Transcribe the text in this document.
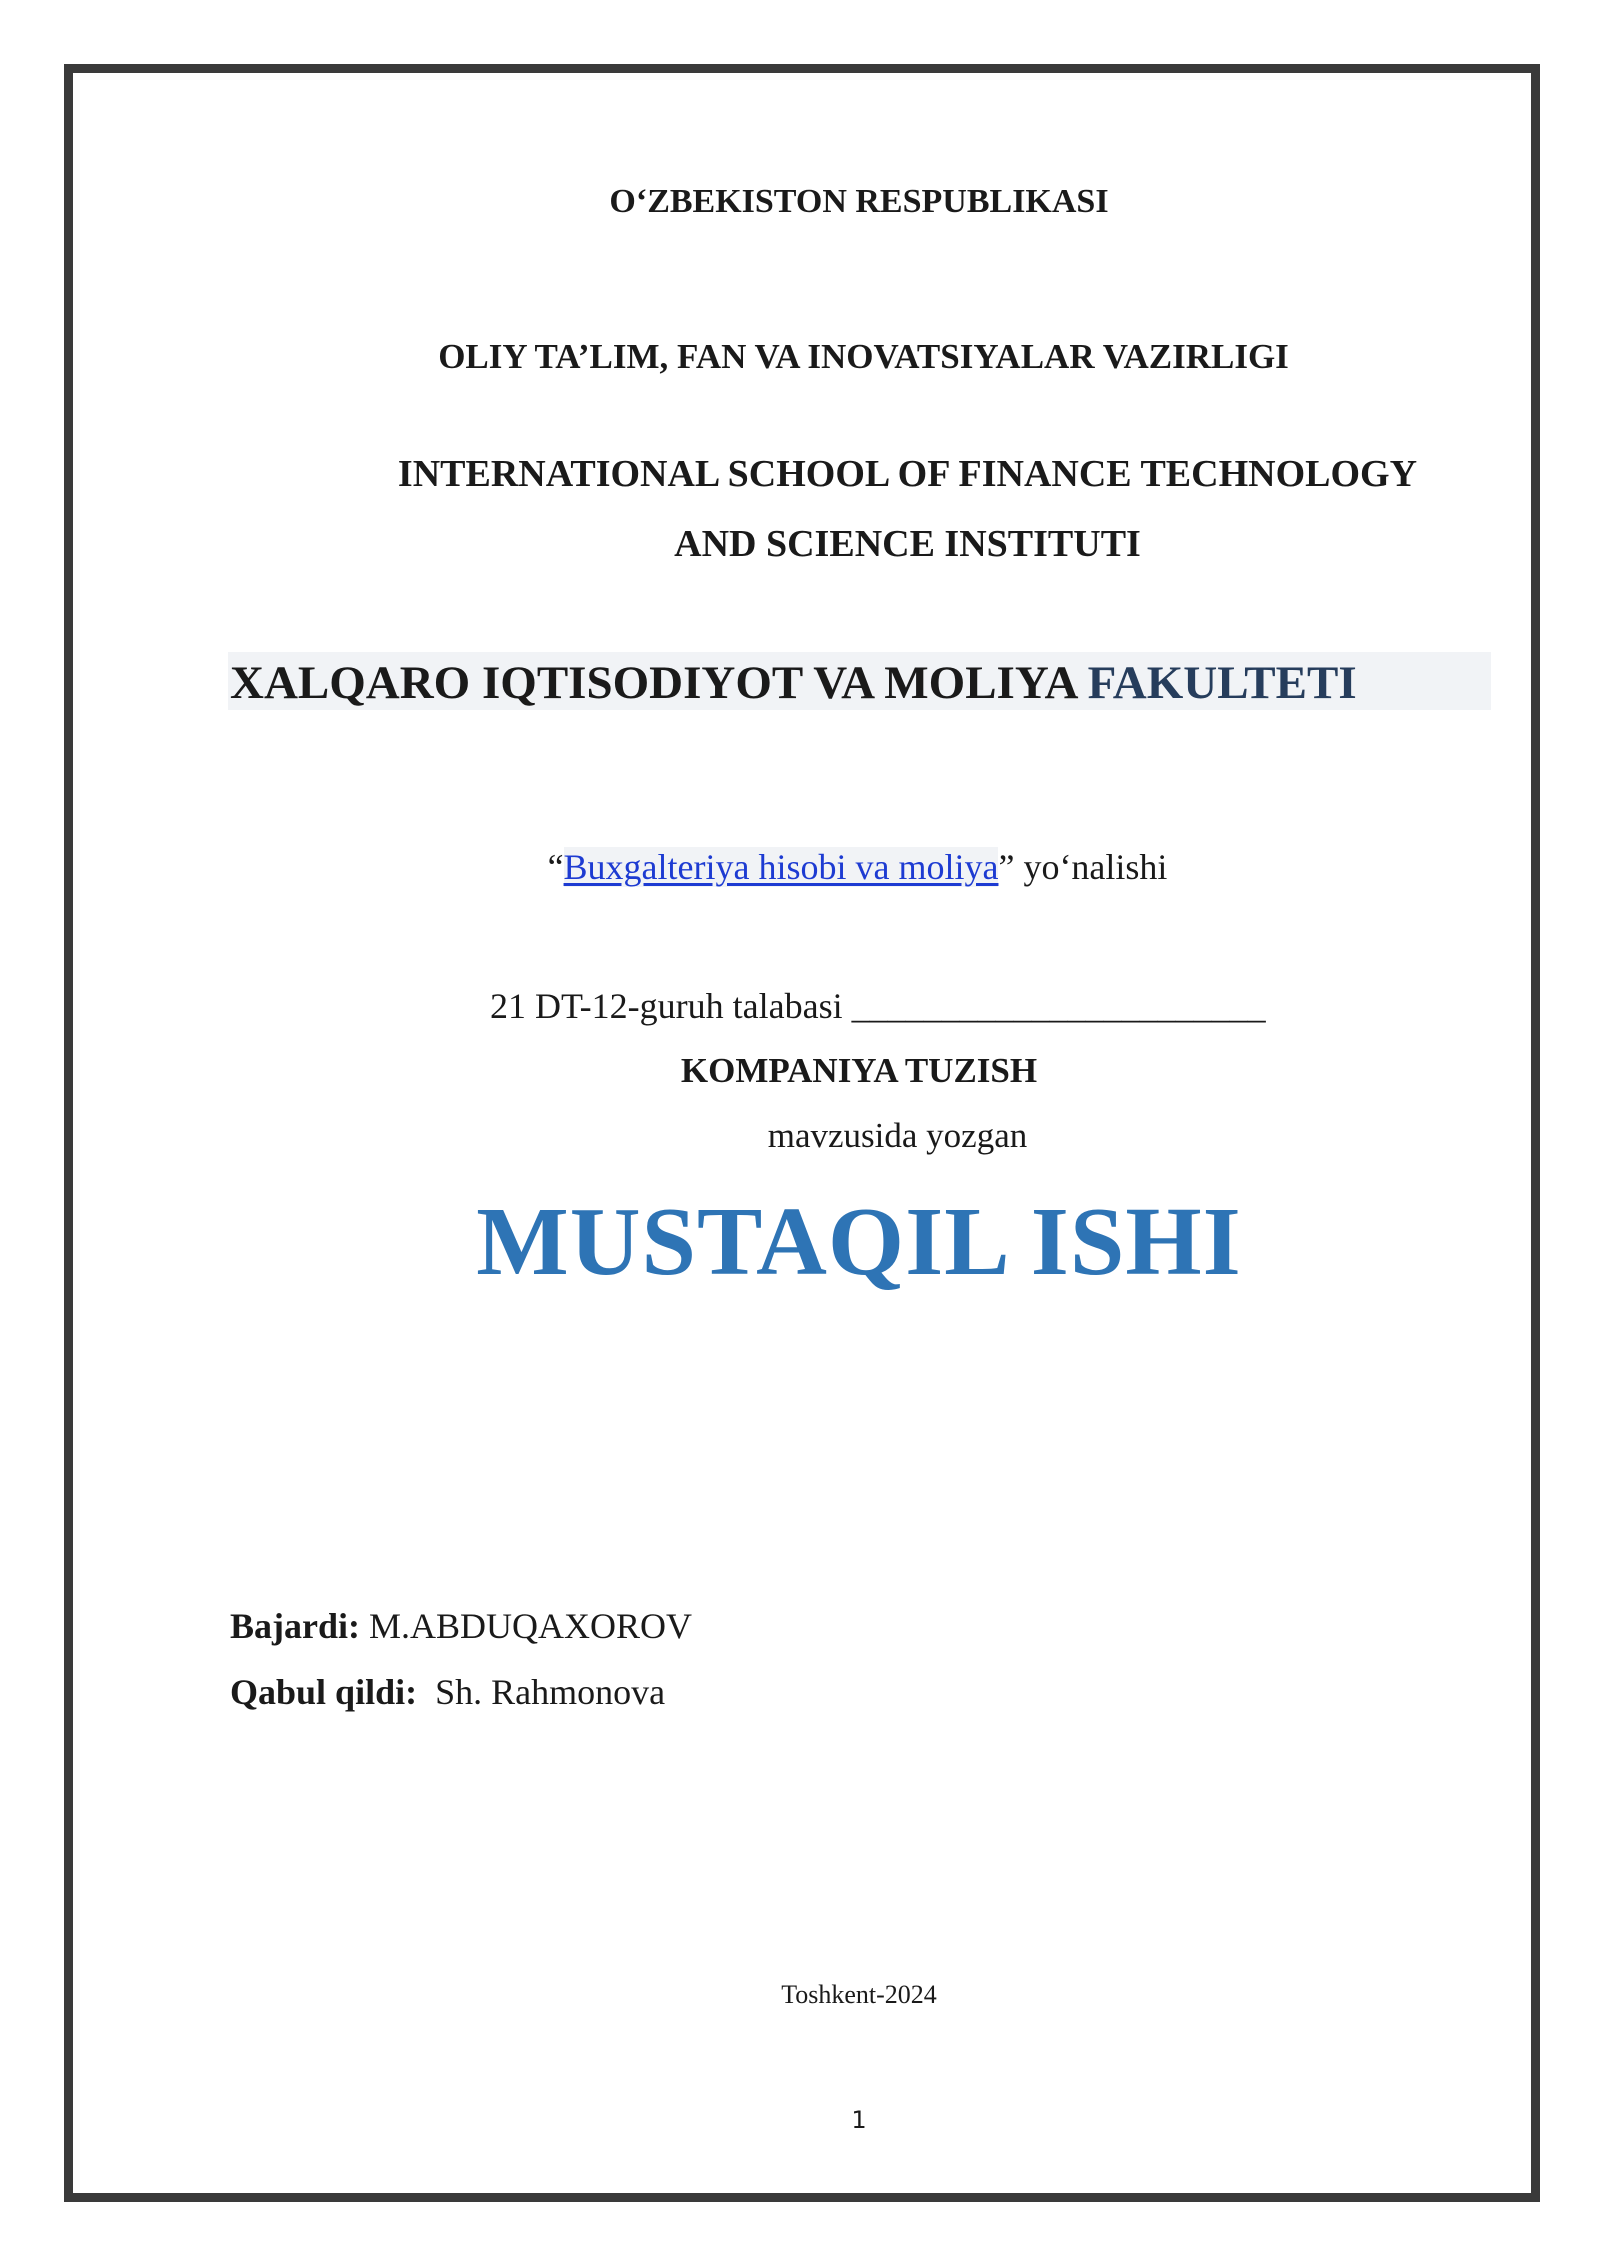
O‘ZBEKISTON RESPUBLIKASI
OLIY TA’LIM, FAN VA INOVATSIYALAR VAZIRLIGI
INTERNATIONAL SCHOOL OF FINANCE TECHNOLOGY
AND SCIENCE INSTITUTI
XALQARO IQTISODIYOT VA MOLIYA FAKULTETI
“Buxgalteriya hisobi va moliya” yo‘nalishi
21 DT-12-guruh talabasi _______________________
KOMPANIYA TUZISH
mavzusida yozgan
MUSTAQIL ISHI
Bajardi: M.ABDUQAXOROV
Qabul qildi:  Sh. Rahmonova
Toshkent-2024
1
